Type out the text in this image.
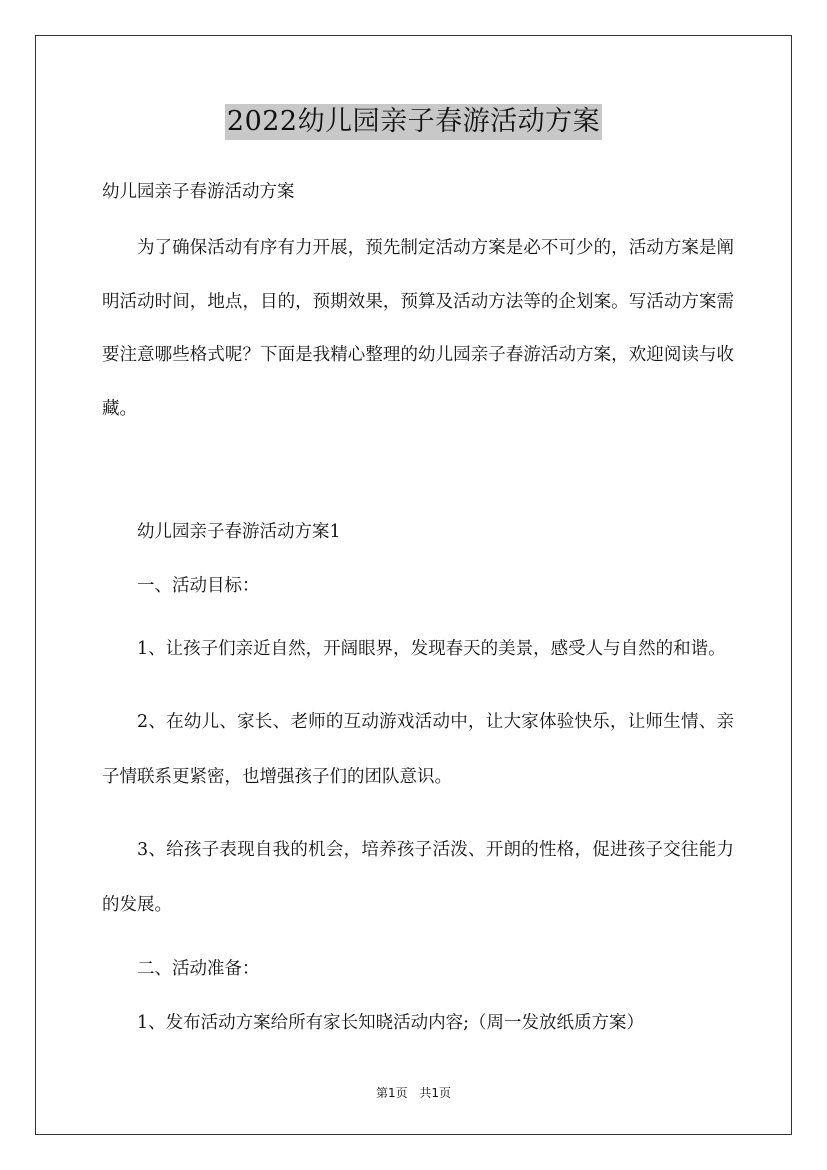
2022幼儿园亲子春游活动方案

幼儿园亲子春游活动方案

为了确保活动有序有力开展，预先制定活动方案是必不可少的，活动方案是阐明活动时间，地点，目的，预期效果，预算及活动方法等的企划案。写活动方案需要注意哪些格式呢？下面是我精心整理的幼儿园亲子春游活动方案，欢迎阅读与收藏。

幼儿园亲子春游活动方案1

一、活动目标：

1、让孩子们亲近自然，开阔眼界，发现春天的美景，感受人与自然的和谐。

2、在幼儿、家长、老师的互动游戏活动中，让大家体验快乐，让师生情、亲子情联系更紧密，也增强孩子们的团队意识。

3、给孩子表现自我的机会，培养孩子活泼、开朗的性格，促进孩子交往能力的发展。

二、活动准备：

1、发布活动方案给所有家长知晓活动内容;（周一发放纸质方案）

第1页 共1页
